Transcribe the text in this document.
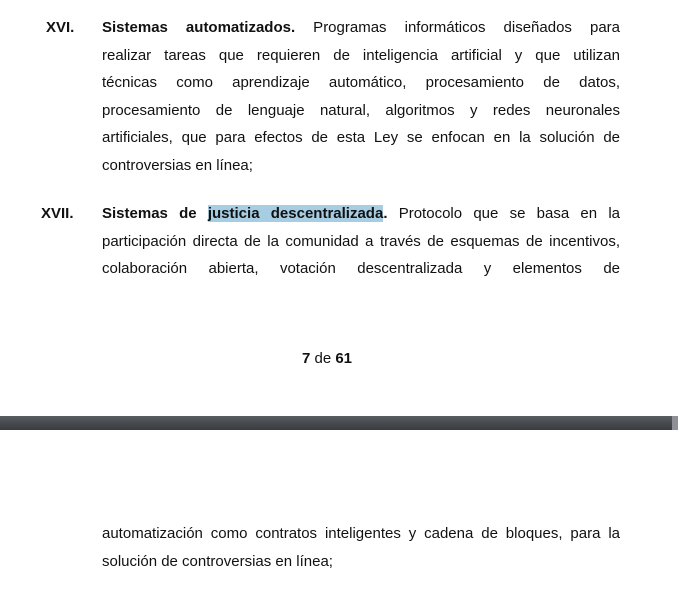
XVI. Sistemas automatizados. Programas informáticos diseñados para
realizar tareas que requieren de inteligencia artificial y que utilizan
técnicas como aprendizaje automático, procesamiento de datos,
procesamiento de lenguaje natural, algoritmos y redes neuronales
artificiales, que para efectos de esta Ley se enfocan en la solución de
controversias en línea;
XVII. Sistemas de justicia descentralizada. Protocolo que se basa en la
participación directa de la comunidad a través de esquemas de incentivos,
colaboración abierta, votación descentralizada y elementos de
7 de 61
automatización como contratos inteligentes y cadena de bloques, para la
solución de controversias en línea;
